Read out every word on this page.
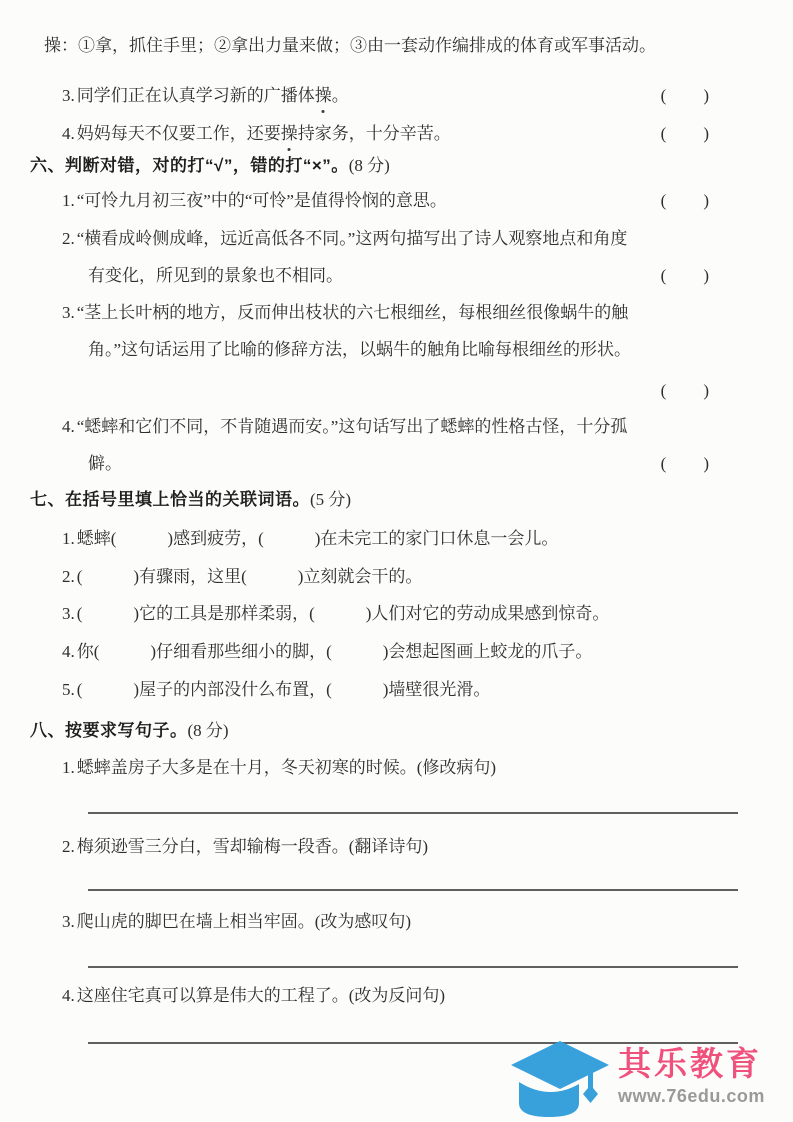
操：①拿，抓住手里；②拿出力量来做；③由一套动作编排成的体育或军事活动。
3. 同学们正在认真学习新的广播体操。	(　　)
4. 妈妈每天不仅要工作，还要操持家务，十分辛苦。	(　　)
六、判断对错，对的打“√”，错的打“×”。(8 分)
1. “可怜九月初三夜”中的“可怜”是值得怜悯的意思。	(　　)
2. “横看成岭侧成峰，远近高低各不同。”这两句描写出了诗人观察地点和角度
有变化，所见到的景象也不相同。	(　　)
3. “茎上长叶柄的地方，反而伸出枝状的六七根细丝，每根细丝很像蜗牛的触
角。”这句话运用了比喻的修辞方法，以蜗牛的触角比喻每根细丝的形状。
(　　)
4. “蟋蟀和它们不同，不肯随遇而安。”这句话写出了蟋蟀的性格古怪，十分孤
僻。	(　　)
七、在括号里填上恰当的关联词语。(5 分)
1. 蟋蟀(　　　)感到疲劳，(　　　)在未完工的家门口休息一会儿。
2. (　　　)有骤雨，这里(　　　)立刻就会干的。
3. (　　　)它的工具是那样柔弱，(　　　)人们对它的劳动成果感到惊奇。
4. 你(　　　)仔细看那些细小的脚，(　　　)会想起图画上蛟龙的爪子。
5. (　　　)屋子的内部没什么布置，(　　　)墙壁很光滑。
八、按要求写句子。(8 分)
1. 蟋蟀盖房子大多是在十月，冬天初寒的时候。(修改病句)
2. 梅须逊雪三分白，雪却输梅一段香。(翻译诗句)
3. 爬山虎的脚巴在墙上相当牢固。(改为感叹句)
4. 这座住宅真可以算是伟大的工程了。(改为反问句)
其乐教育
www.76edu.com
